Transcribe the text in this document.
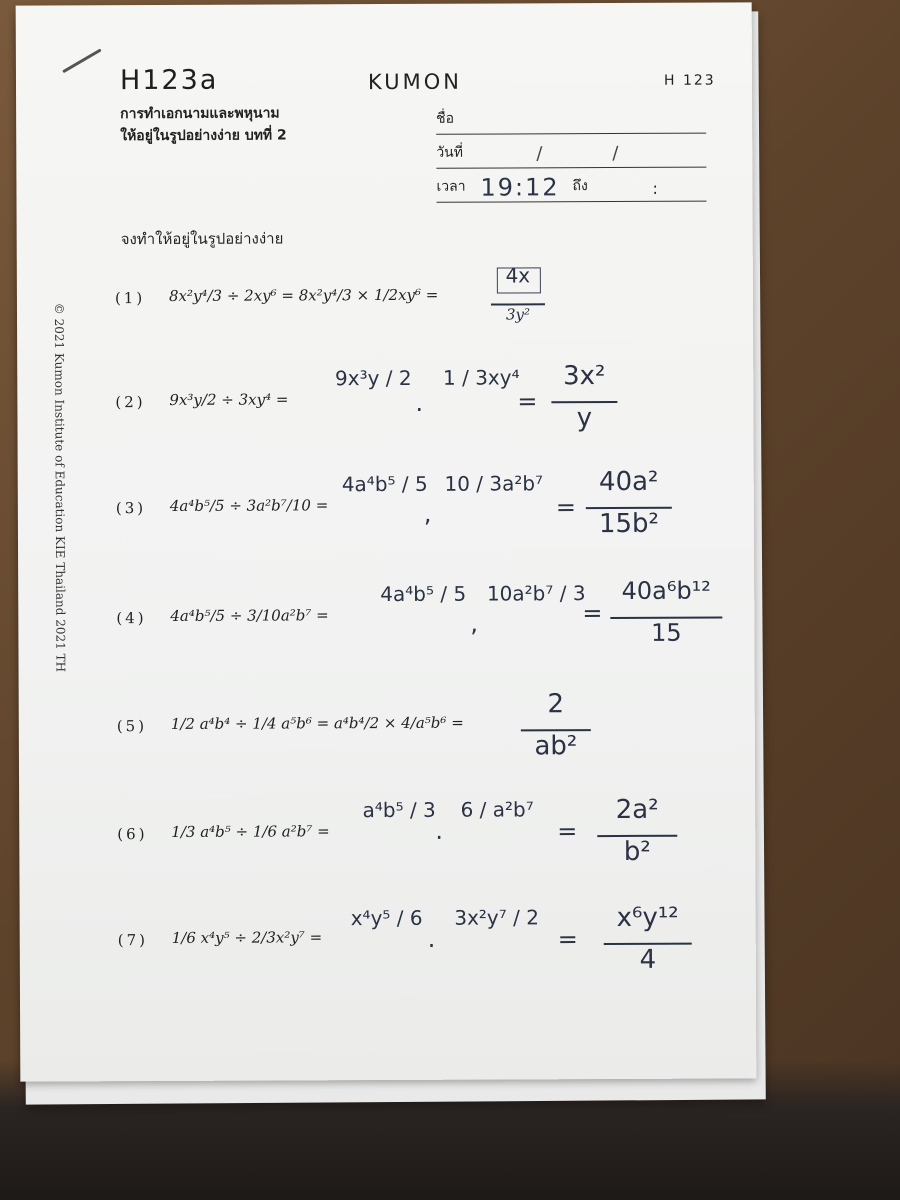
H123a	KUMON	H 123
การทำเอกนามและพหุนาม
ให้อยู่ในรูปอย่างง่าย บทที่ 2
ชื่อ
วันที่	/	/
เวลา 19:12 ถึง	:
จงทำให้อยู่ในรูปอย่างง่าย
© 2021 Kumon Institute of Education KIE Thailand 2021 TH
(1) 8x²y⁴/3 ÷ 2xy⁶ = 8x²y⁴/3 × 1/2xy⁶ =
4x
3y²
(2) 9x³y/2 ÷ 3xy⁴ =
9x³y / 2
·
1 / 3xy⁴
=
3x²
y
(3) 4a⁴b⁵/5 ÷ 3a²b⁷/10 =
4a⁴b⁵ / 5
,
10 / 3a²b⁷
=
40a²
15b²
(4) 4a⁴b⁵/5 ÷ 3/10a²b⁷ =
4a⁴b⁵ / 5
,
10a²b⁷ / 3
=
40a⁶b¹²
15
(5) 1/2 a⁴b⁴ ÷ 1/4 a⁵b⁶ = a⁴b⁴/2 × 4/a⁵b⁶ =
2
ab²
(6) 1/3 a⁴b⁵ ÷ 1/6 a²b⁷ =
a⁴b⁵ / 3
·
6 / a²b⁷
=
2a²
b²
(7) 1/6 x⁴y⁵ ÷ 2/3x²y⁷ =
x⁴y⁵ / 6
·
3x²y⁷ / 2
=
x⁶y¹²
4
